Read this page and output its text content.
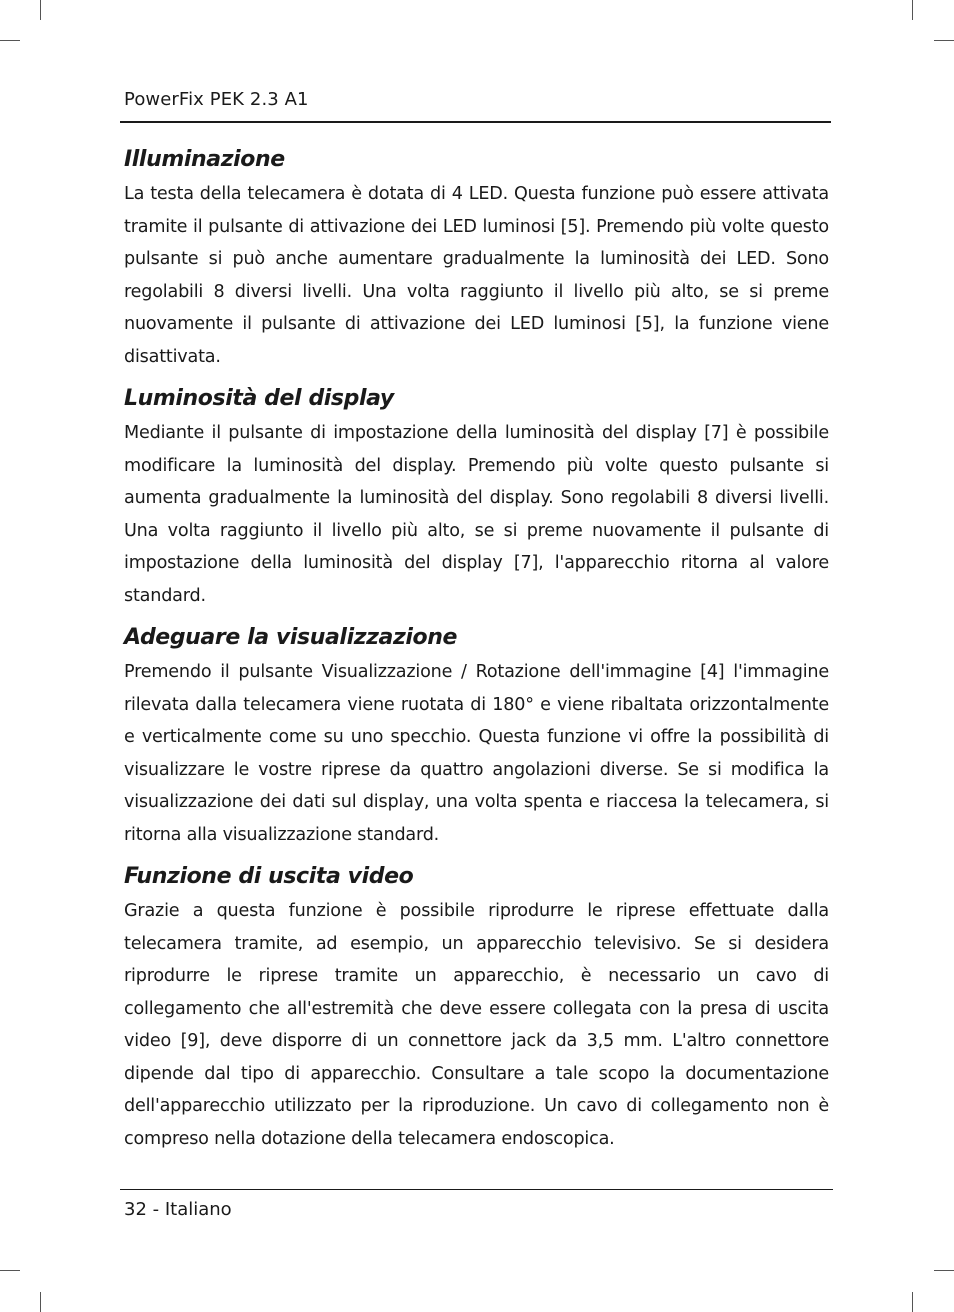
PowerFix PEK 2.3 A1
Illuminazione

La testa della telecamera è dotata di 4 LED. Questa funzione può essere attivata tramite il pulsante di attivazione dei LED luminosi [5]. Premendo più volte questo pulsante si può anche aumentare gradualmente la luminosità dei LED. Sono regolabili 8 diversi livelli. Una volta raggiunto il livello più alto, se si preme nuovamente il pulsante di attivazione dei LED luminosi [5], la funzione viene disattivata.

Luminosità del display

Mediante il pulsante di impostazione della luminosità del display [7] è possibile modificare la luminosità del display. Premendo più volte questo pulsante si aumenta gradualmente la luminosità del display. Sono regolabili 8 diversi livelli. Una volta raggiunto il livello più alto, se si preme nuovamente il pulsante di impostazione della luminosità del display [7], l'apparecchio ritorna al valore standard.

Adeguare la visualizzazione

Premendo il pulsante Visualizzazione / Rotazione dell'immagine [4] l'immagine rilevata dalla telecamera viene ruotata di 180° e viene ribaltata orizzontalmente e verticalmente come su uno specchio. Questa funzione vi offre la possibilità di visualizzare le vostre riprese da quattro angolazioni diverse. Se si modifica la visualizzazione dei dati sul display, una volta spenta e riaccesa la telecamera, si ritorna alla visualizzazione standard.

Funzione di uscita video

Grazie a questa funzione è possibile riprodurre le riprese effettuate dalla telecamera tramite, ad esempio, un apparecchio televisivo. Se si desidera riprodurre le riprese tramite un apparecchio, è necessario un cavo di collegamento che all'estremità che deve essere collegata con la presa di uscita video [9], deve disporre di un connettore jack da 3,5 mm. L'altro connettore dipende dal tipo di apparecchio. Consultare a tale scopo la documentazione dell'apparecchio utilizzato per la riproduzione. Un cavo di collegamento non è compreso nella dotazione della telecamera endoscopica.

32 - Italiano
